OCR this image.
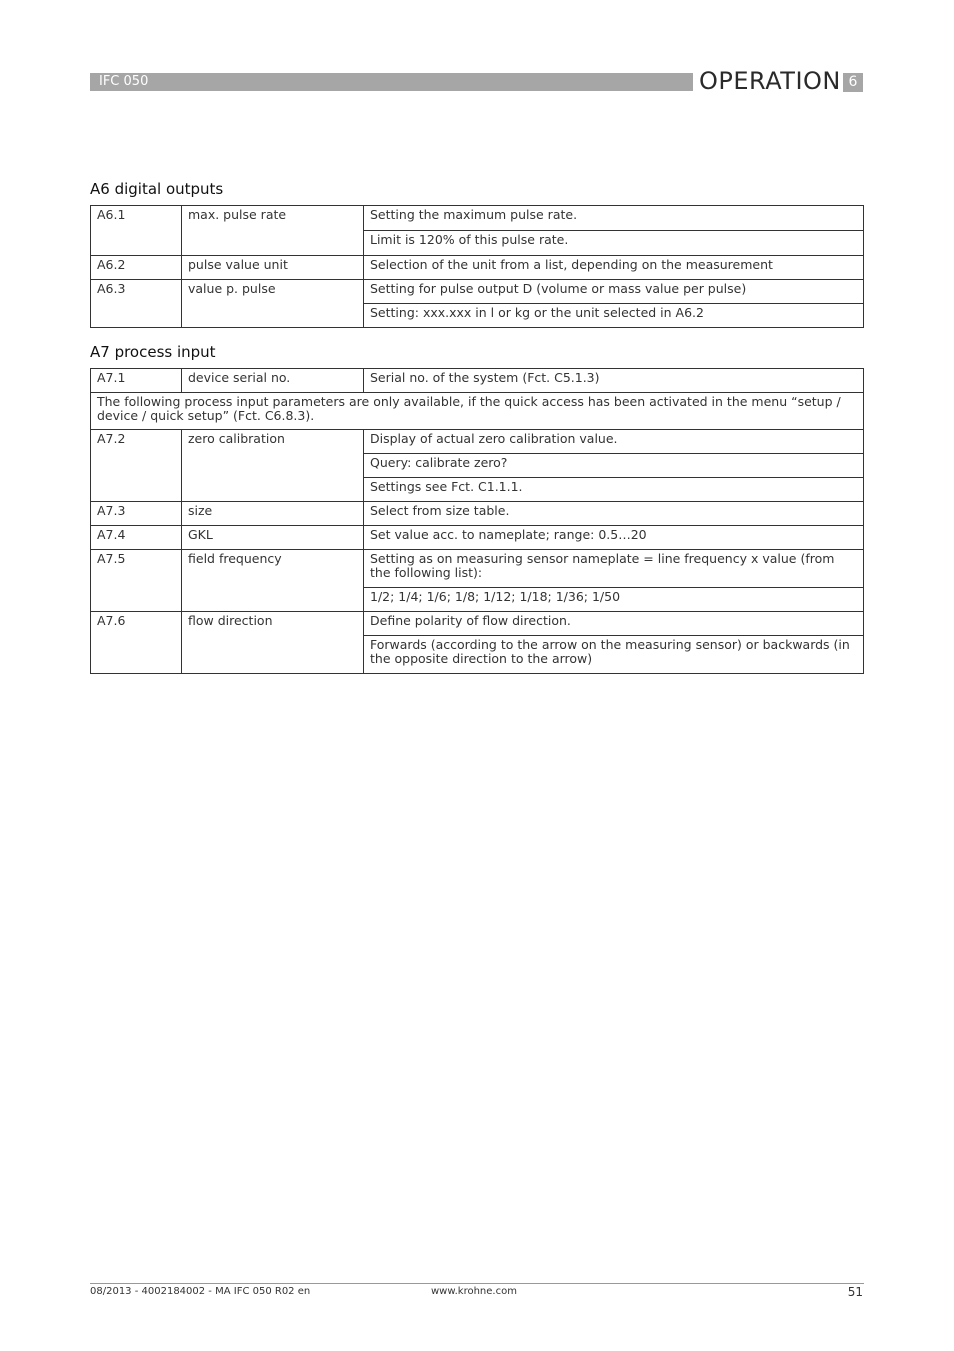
IFC 050	OPERATION 6
A6 digital outputs
A6.1	max. pulse rate	Setting the maximum pulse rate.
		Limit is 120% of this pulse rate.
A6.2	pulse value unit	Selection of the unit from a list, depending on the measurement
A6.3	value p. pulse	Setting for pulse output D (volume or mass value per pulse)
		Setting: xxx.xxx in l or kg or the unit selected in A6.2
A7 process input
A7.1	device serial no.	Serial no. of the system (Fct. C5.1.3)
The following process input parameters are only available, if the quick access has been activated in the menu “setup / device / quick setup” (Fct. C6.8.3).		
A7.2	zero calibration	Display of actual zero calibration value.
		Query: calibrate zero?
		Settings see Fct. C1.1.1.
A7.3	size	Select from size table.
A7.4	GKL	Set value acc. to nameplate; range: 0.5…20
A7.5	field frequency	Setting as on measuring sensor nameplate = line frequency x value (from the following list):
		1/2; 1/4; 1/6; 1/8; 1/12; 1/18; 1/36; 1/50
A7.6	flow direction	Define polarity of flow direction.
		Forwards (according to the arrow on the measuring sensor) or backwards (in the opposite direction to the arrow)
08/2013 - 4002184002 - MA IFC 050 R02 en	www.krohne.com	51
